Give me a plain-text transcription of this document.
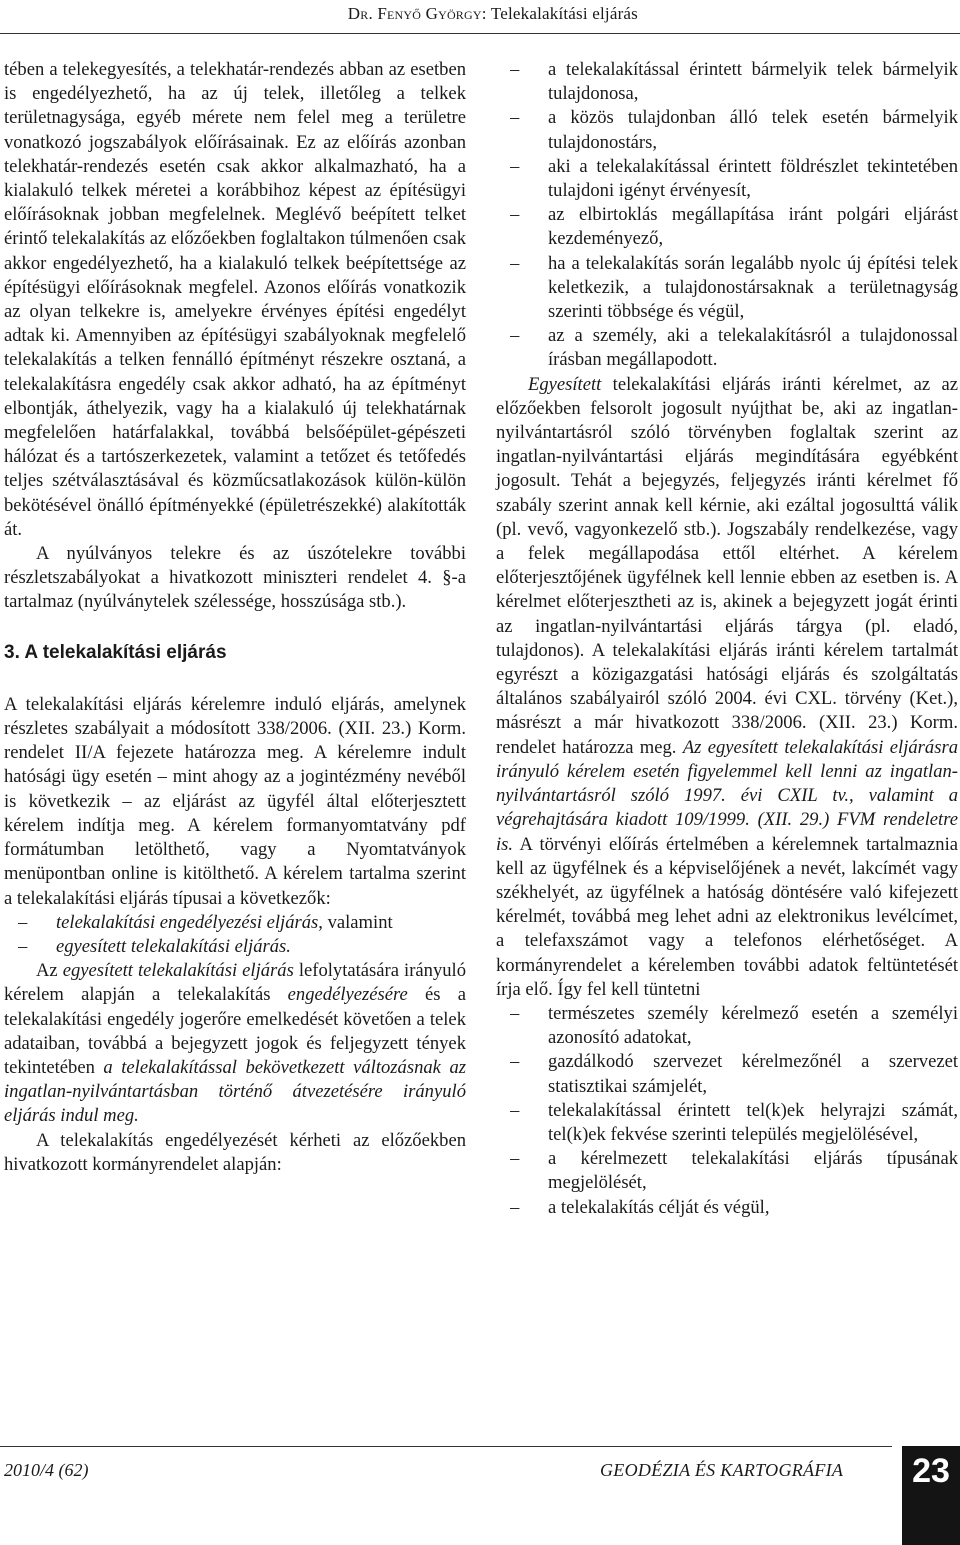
Dr. Fenyő György: Telekalakítási eljárás

tében a telekegyesítés, a telekhatár-rendezés abban az esetben is engedélyezhető, ha az új telek, illetőleg a telkek területnagysága, egyéb mérete nem felel meg a területre vonatkozó jogszabályok előírásainak. Ez az előírás azonban telekhatár-rendezés esetén csak akkor alkalmazható, ha a kialakuló telkek méretei a korábbihoz képest az építésügyi előírásoknak jobban megfelelnek. Meglévő beépített telket érintő telekalakítás az előzőekben foglaltakon túlmenően csak akkor engedélyezhető, ha a kialakuló telkek beépítettsége az építésügyi előírásoknak megfelel. Azonos előírás vonatkozik az olyan telkekre is, amelyekre érvényes építési engedélyt adtak ki. Amennyiben az építésügyi szabályoknak megfelelő telekalakítás a telken fennálló építményt részekre osztaná, a telekalakításra engedély csak akkor adható, ha az építményt elbontják, áthelyezik, vagy ha a kialakuló új telekhatárnak megfelelően határfalakkal, továbbá belsőépület-gépészeti hálózat és a tartószerkezetek, valamint a tetőzet és tetőfedés teljes szétválasztásával és közműcsatlakozások külön-külön bekötésével önálló építményekké (épületrészekké) alakították át.

A nyúlványos telekre és az úszótelekre további részletszabályokat a hivatkozott miniszteri rendelet 4. §-a tartalmaz (nyúlványtelek szélessége, hosszúsága stb.).

3. A telekalakítási eljárás

A telekalakítási eljárás kérelemre induló eljárás, amelynek részletes szabályait a módosított 338/2006. (XII. 23.) Korm. rendelet II/A fejezete határozza meg. A kérelemre indult hatósági ügy esetén – mint ahogy az a jogintézmény nevéből is következik – az eljárást az ügyfél által előterjesztett kérelem indítja meg. A kérelem formanyomtatvány pdf formátumban letölthető, vagy a Nyomtatványok menüpontban online is kitölthető. A kérelem tartalma szerint a telekalakítási eljárás típusai a következők:

– telekalakítási engedélyezési eljárás, valamint
– egyesített telekalakítási eljárás.

Az egyesített telekalakítási eljárás lefolytatására irányuló kérelem alapján a telekalakítás engedélyezésére és a telekalakítási engedély jogerőre emelkedését követően a telek adataiban, továbbá a bejegyzett jogok és feljegyzett tények tekintetében a telekalakítással bekövetkezett változásnak az ingatlan-nyilvántartásban történő átvezetésére irányuló eljárás indul meg.

A telekalakítás engedélyezését kérheti az előzőekben hivatkozott kormányrendelet alapján:

– a telekalakítással érintett bármelyik telek bármelyik tulajdonosa,
– a közös tulajdonban álló telek esetén bármelyik tulajdonostárs,
– aki a telekalakítással érintett földrészlet tekintetében tulajdoni igényt érvényesít,
– az elbirtoklás megállapítása iránt polgári eljárást kezdeményező,
– ha a telekalakítás során legalább nyolc új építési telek keletkezik, a tulajdonostársaknak a területnagyság szerinti többsége és végül,
– az a személy, aki a telekalakításról a tulajdonossal írásban megállapodott.

Egyesített telekalakítási eljárás iránti kérelmet, az az előzőekben felsorolt jogosult nyújthat be, aki az ingatlan-nyilvántartásról szóló törvényben foglaltak szerint az ingatlan-nyilvántartási eljárás megindítására egyébként jogosult. Tehát a bejegyzés, feljegyzés iránti kérelmet fő szabály szerint annak kell kérnie, aki ezáltal jogosulttá válik (pl. vevő, vagyonkezelő stb.). Jogszabály rendelkezése, vagy a felek megállapodása ettől eltérhet. A kérelem előterjesztőjének ügyfélnek kell lennie ebben az esetben is. A kérelmet előterjesztheti az is, akinek a bejegyzett jogát érinti az ingatlan-nyilvántartási eljárás tárgya (pl. eladó, tulajdonos). A telekalakítási eljárás iránti kérelem tartalmát egyrészt a közigazgatási hatósági eljárás és szolgáltatás általános szabályairól szóló 2004. évi CXL. törvény (Ket.), másrészt a már hivatkozott 338/2006. (XII. 23.) Korm. rendelet határozza meg. Az egyesített telekalakítási eljárásra irányuló kérelem esetén figyelemmel kell lenni az ingatlan-nyilvántartásról szóló 1997. évi CXIL tv., valamint a végrehajtására kiadott 109/1999. (XII. 29.) FVM rendeletre is. A törvényi előírás értelmében a kérelemnek tartalmaznia kell az ügyfélnek és a képviselőjének a nevét, lakcímét vagy székhelyét, az ügyfélnek a hatóság döntésére való kifejezett kérelmét, továbbá meg lehet adni az elektronikus levélcímet, a telefaxszámot vagy a telefonos elérhetőséget. A kormányrendelet a kérelemben további adatok feltüntetését írja elő. Így fel kell tüntetni

– természetes személy kérelmező esetén a személyi azonosító adatokat,
– gazdálkodó szervezet kérelmezőnél a szervezet statisztikai számjelét,
– telekalakítással érintett tel(k)ek helyrajzi számát, tel(k)ek fekvése szerinti település megjelölésével,
– a kérelmezett telekalakítási eljárás típusának megjelölését,
– a telekalakítás célját és végül,
2010/4 (62)	GEODÉZIA ÉS KARTOGRÁFIA 23
